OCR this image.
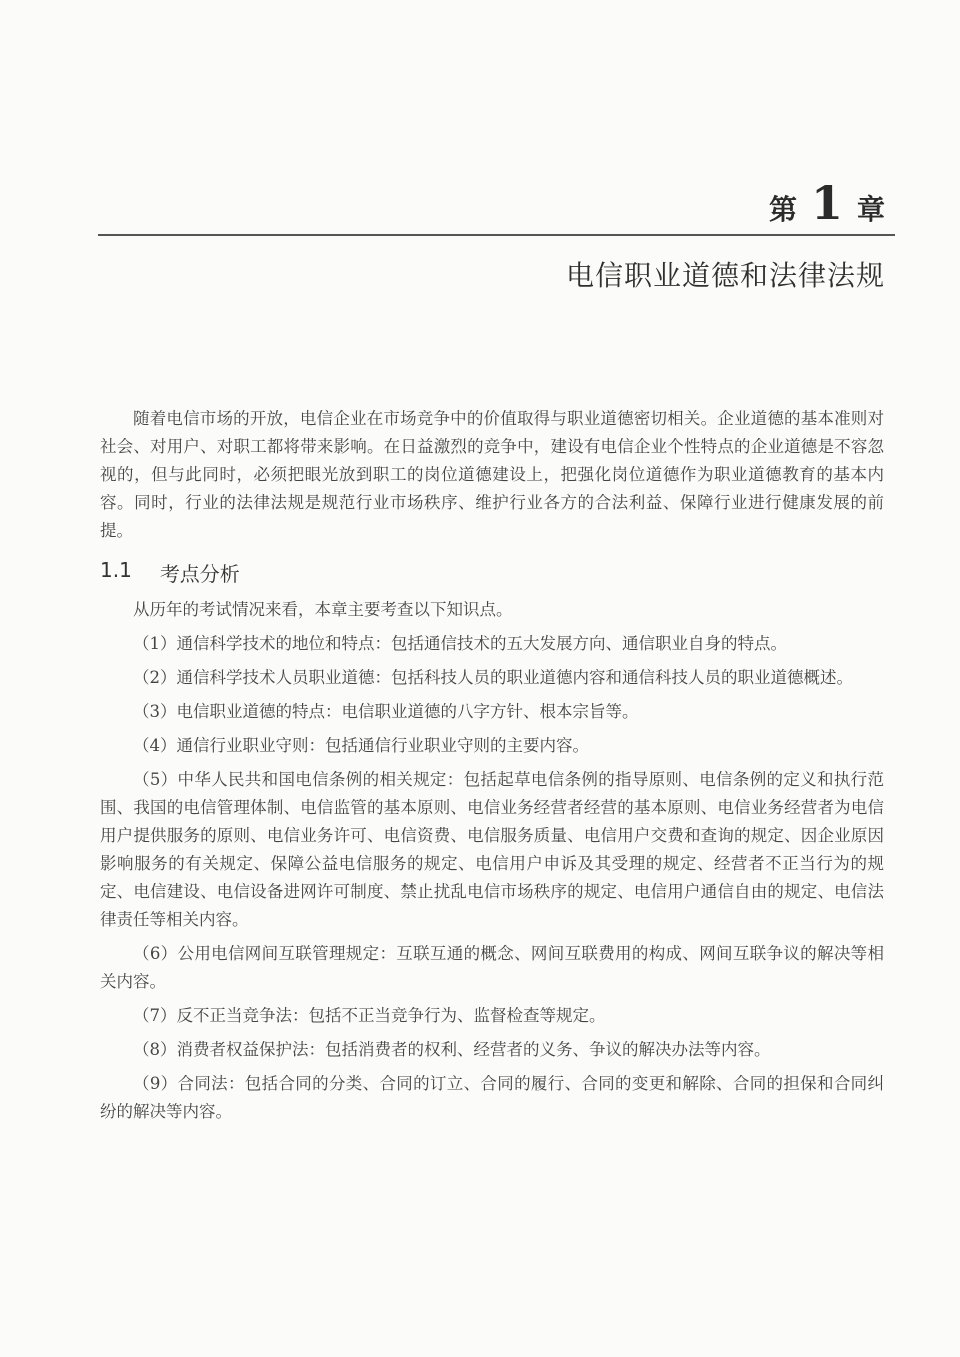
第 1 章
电信职业道德和法律法规

随着电信市场的开放，电信企业在市场竞争中的价值取得与职业道德密切相关。企业道德的基本准则对社会、对用户、对职工都将带来影响。在日益激烈的竞争中，建设有电信企业个性特点的企业道德是不容忽视的，但与此同时，必须把眼光放到职工的岗位道德建设上，把强化岗位道德作为职业道德教育的基本内容。同时，行业的法律法规是规范行业市场秩序、维护行业各方的合法利益、保障行业进行健康发展的前提。

1.1 考点分析

从历年的考试情况来看，本章主要考查以下知识点。

（1）通信科学技术的地位和特点：包括通信技术的五大发展方向、通信职业自身的特点。

（2）通信科学技术人员职业道德：包括科技人员的职业道德内容和通信科技人员的职业道德概述。

（3）电信职业道德的特点：电信职业道德的八字方针、根本宗旨等。

（4）通信行业职业守则：包括通信行业职业守则的主要内容。

（5）中华人民共和国电信条例的相关规定：包括起草电信条例的指导原则、电信条例的定义和执行范围、我国的电信管理体制、电信监管的基本原则、电信业务经营者经营的基本原则、电信业务经营者为电信用户提供服务的原则、电信业务许可、电信资费、电信服务质量、电信用户交费和查询的规定、因企业原因影响服务的有关规定、保障公益电信服务的规定、电信用户申诉及其受理的规定、经营者不正当行为的规定、电信建设、电信设备进网许可制度、禁止扰乱电信市场秩序的规定、电信用户通信自由的规定、电信法律责任等相关内容。

（6）公用电信网间互联管理规定：互联互通的概念、网间互联费用的构成、网间互联争议的解决等相关内容。

（7）反不正当竞争法：包括不正当竞争行为、监督检查等规定。

（8）消费者权益保护法：包括消费者的权利、经营者的义务、争议的解决办法等内容。

（9）合同法：包括合同的分类、合同的订立、合同的履行、合同的变更和解除、合同的担保和合同纠纷的解决等内容。
